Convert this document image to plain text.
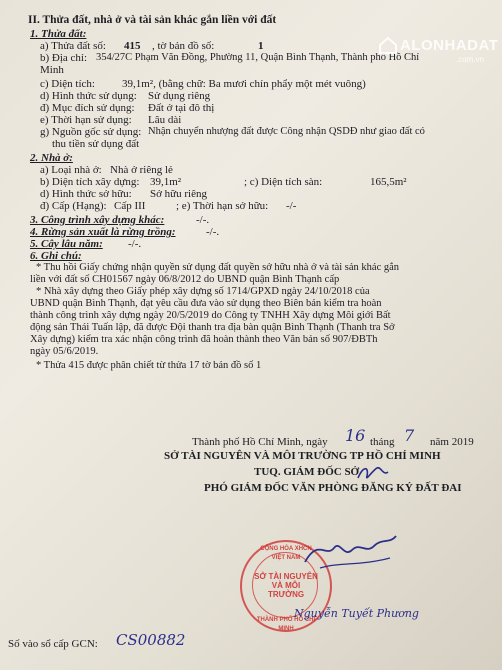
II. Thửa đất, nhà ở và tài sản khác gắn liền với đất
1. Thửa đất:
a) Thửa đất số: 415 , tờ bản đồ số:	1
b) Địa chỉ: 354/27C Phạm Văn Đồng, Phường 11, Quận Bình Thạnh, Thành phố Hồ Chí
Minh
c) Diện tích: 39,1m², (bằng chữ: Ba mươi chín phẩy một mét vuông)
d) Hình thức sử dụng: Sử dụng riêng
đ) Mục đích sử dụng: Đất ở tại đô thị
e) Thời hạn sử dụng: Lâu dài
g) Nguồn gốc sử dụng: Nhận chuyển nhượng đất được Công nhận QSDĐ như giao đất có
thu tiền sử dụng đất
2. Nhà ở:
a) Loại nhà ở: Nhà ở riêng lẻ
b) Diện tích xây dựng: 39,1m²	; c) Diện tích sàn:	165,5m²
d) Hình thức sở hữu: Sở hữu riêng
đ) Cấp (Hạng): Cấp III	; e) Thời hạn sở hữu: -/-
3. Công trình xây dựng khác:	-/-.
4. Rừng sản xuất là rừng trồng:	-/-.
5. Cây lâu năm: -/-.
6. Ghi chú:
* Thu hồi Giấy chứng nhận quyền sử dụng đất quyền sở hữu nhà ở và tài sản khác gắn
liền với đất số CH01567 ngày 06/8/2012 do UBND quận Bình Thạnh cấp
* Nhà xây dựng theo Giấy phép xây dựng số 1714/GPXD ngày 24/10/2018 của
UBND quận Bình Thạnh, đạt yêu cầu đưa vào sử dụng theo Biên bản kiểm tra hoàn
thành công trình xây dựng ngày 20/5/2019 do Công ty TNHH Xây dựng Môi giới Bất
động sản Thái Tuấn lập, đã được Đội thanh tra địa bàn quận Bình Thạnh (Thanh tra Sở
Xây dựng) kiểm tra xác nhận công trình đã hoàn thành theo Văn bản số 907/ĐBTh
ngày 05/6/2019.
* Thửa 415 được phân chiết từ thửa 17 tờ bản đồ số 1
Thành phố Hồ Chí Minh, ngày 16 tháng 7 năm 2019
SỞ TÀI NGUYÊN VÀ MÔI TRƯỜNG TP HỒ CHÍ MINH
TUQ. GIÁM ĐỐC SỞ
PHÓ GIÁM ĐỐC VĂN PHÒNG ĐĂNG KÝ ĐẤT ĐAI
CỘNG HÒA XHCN VIỆT NAM
SỞ TÀI NGUYÊN VÀ MÔI TRƯỜNG
THÀNH PHỐ HỒ CHÍ MINH
Nguyễn Tuyết Phương
Số vào sổ cấp GCN: CS00882
ALONHADAT
.com.vn
